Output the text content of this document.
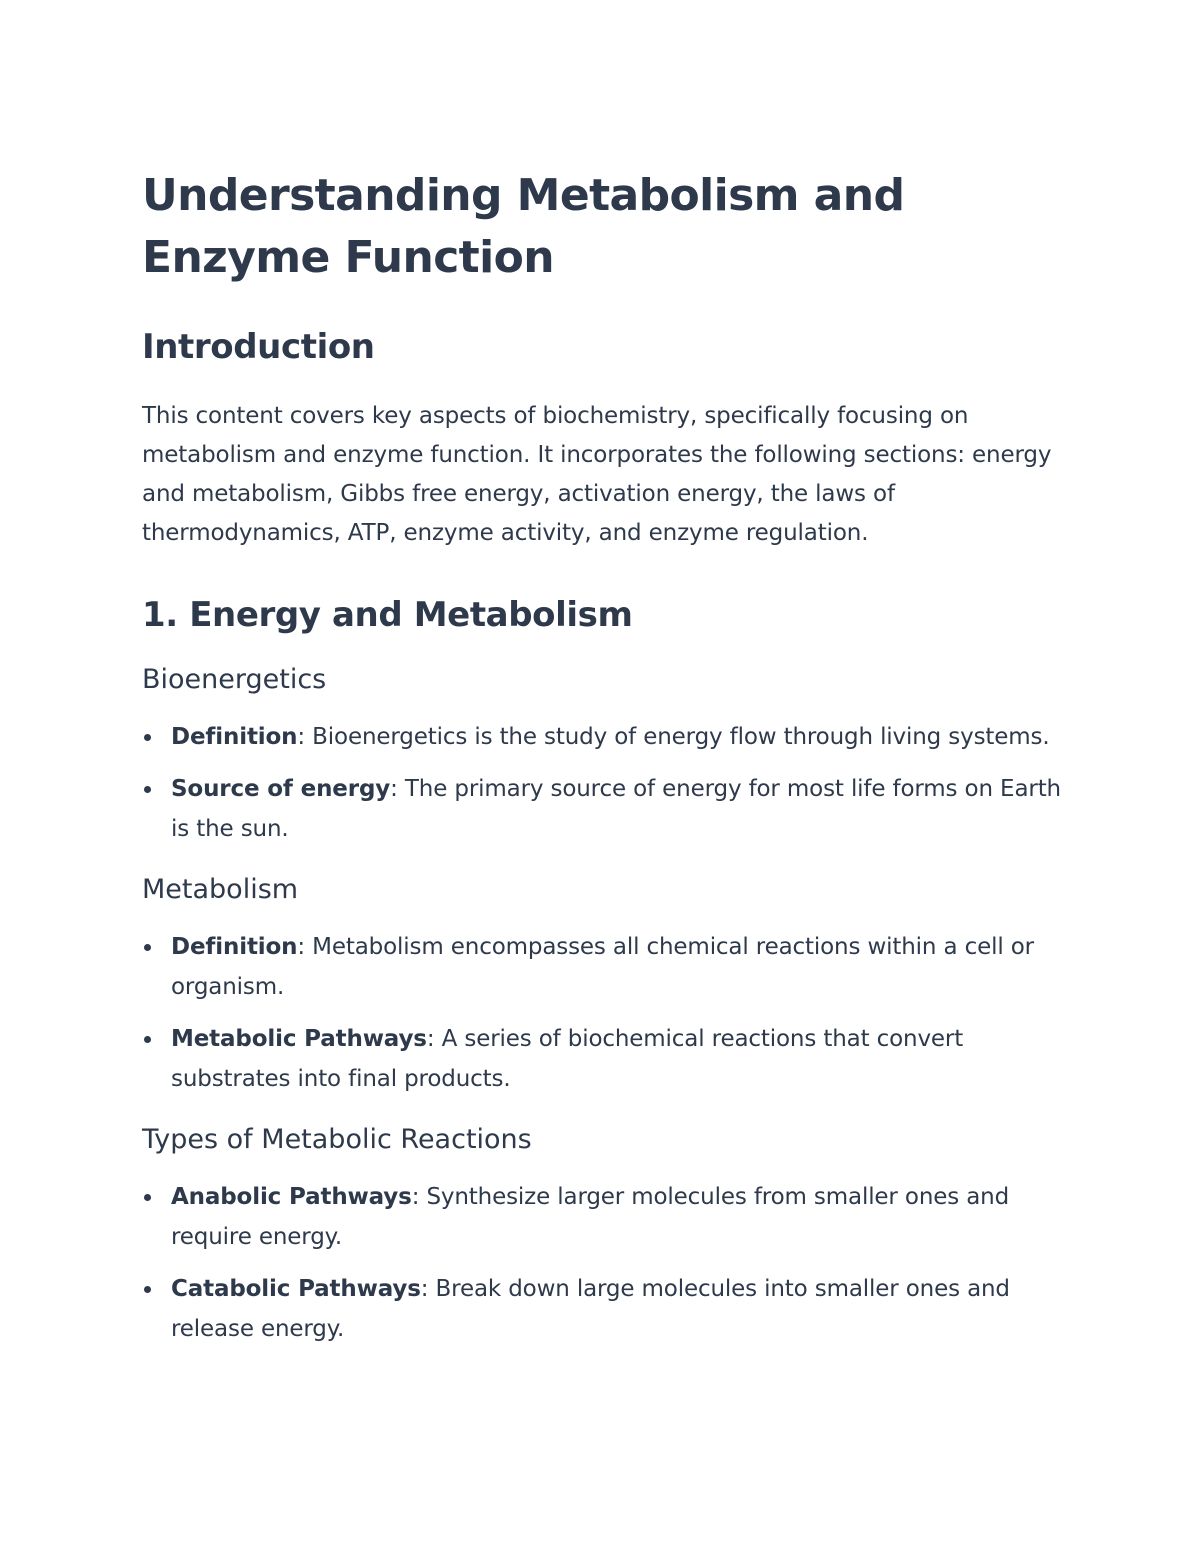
Understanding Metabolism and Enzyme Function
Introduction

This content covers key aspects of biochemistry, specifically focusing on metabolism and enzyme function. It incorporates the following sections: energy and metabolism, Gibbs free energy, activation energy, the laws of thermodynamics, ATP, enzyme activity, and enzyme regulation.

1. Energy and Metabolism
Bioenergetics
Definition: Bioenergetics is the study of energy flow through living systems.
Source of energy: The primary source of energy for most life forms on Earth is the sun.
Metabolism
Definition: Metabolism encompasses all chemical reactions within a cell or organism.
Metabolic Pathways: A series of biochemical reactions that convert substrates into final products.
Types of Metabolic Reactions
Anabolic Pathways: Synthesize larger molecules from smaller ones and require energy.
Catabolic Pathways: Break down large molecules into smaller ones and release energy.
